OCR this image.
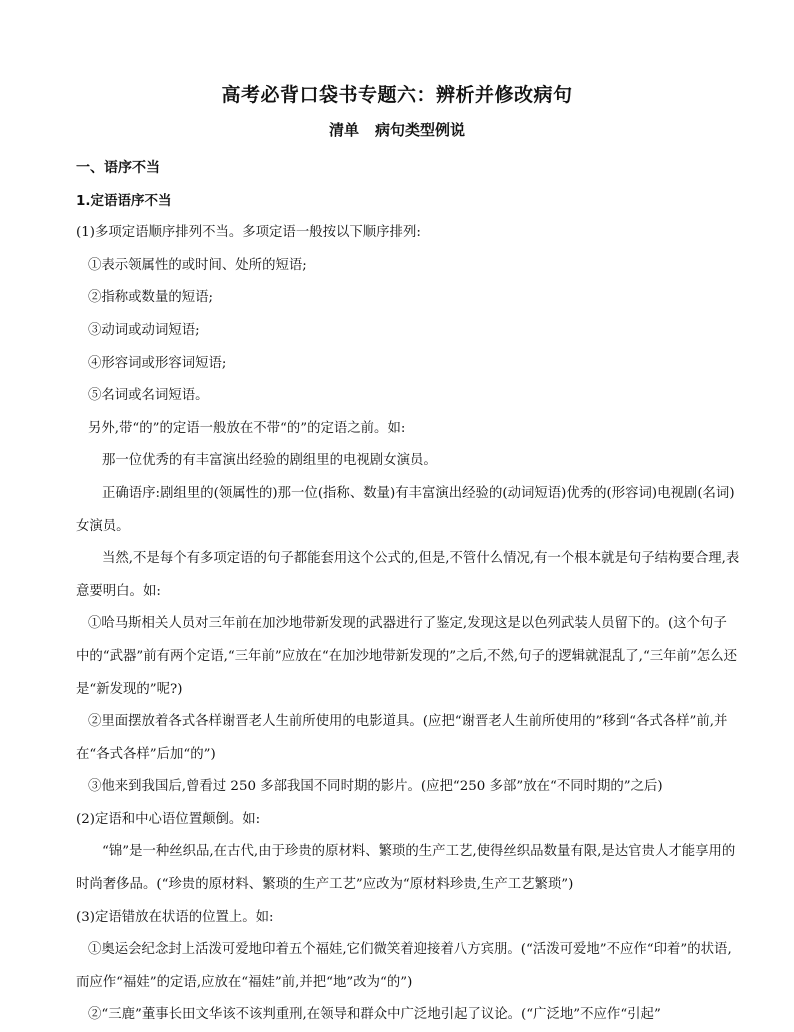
高考必背口袋书专题六：辨析并修改病句
清单 病句类型例说

一、语序不当

1.定语语序不当

(1)多项定语顺序排列不当。多项定语一般按以下顺序排列:

①表示领属性的或时间、处所的短语;

②指称或数量的短语;

③动词或动词短语;

④形容词或形容词短语;

⑤名词或名词短语。

另外,带“的”的定语一般放在不带“的”的定语之前。如:

那一位优秀的有丰富演出经验的剧组里的电视剧女演员。

正确语序:剧组里的(领属性的)那一位(指称、数量)有丰富演出经验的(动词短语)优秀的(形容词)电视剧(名词)女演员。

当然,不是每个有多项定语的句子都能套用这个公式的,但是,不管什么情况,有一个根本就是句子结构要合理,表意要明白。如:

①哈马斯相关人员对三年前在加沙地带新发现的武器进行了鉴定,发现这是以色列武装人员留下的。(这个句子中的“武器”前有两个定语,“三年前”应放在“在加沙地带新发现的”之后,不然,句子的逻辑就混乱了,“三年前”怎么还是“新发现的”呢?)

②里面摆放着各式各样谢晋老人生前所使用的电影道具。(应把“谢晋老人生前所使用的”移到“各式各样”前,并在“各式各样”后加“的”)

③他来到我国后,曾看过 250 多部我国不同时期的影片。(应把“250 多部”放在“不同时期的”之后)

(2)定语和中心语位置颠倒。如:

“锦”是一种丝织品,在古代,由于珍贵的原材料、繁琐的生产工艺,使得丝织品数量有限,是达官贵人才能享用的时尚奢侈品。(“珍贵的原材料、繁琐的生产工艺”应改为“原材料珍贵,生产工艺繁琐”)

(3)定语错放在状语的位置上。如:

①奥运会纪念封上活泼可爱地印着五个福娃,它们微笑着迎接着八方宾朋。(“活泼可爱地”不应作“印着”的状语,而应作“福娃”的定语,应放在“福娃”前,并把“地”改为“的”)

②“三鹿”董事长田文华该不该判重刑,在领导和群众中广泛地引起了议论。(“广泛地”不应作“引起”
